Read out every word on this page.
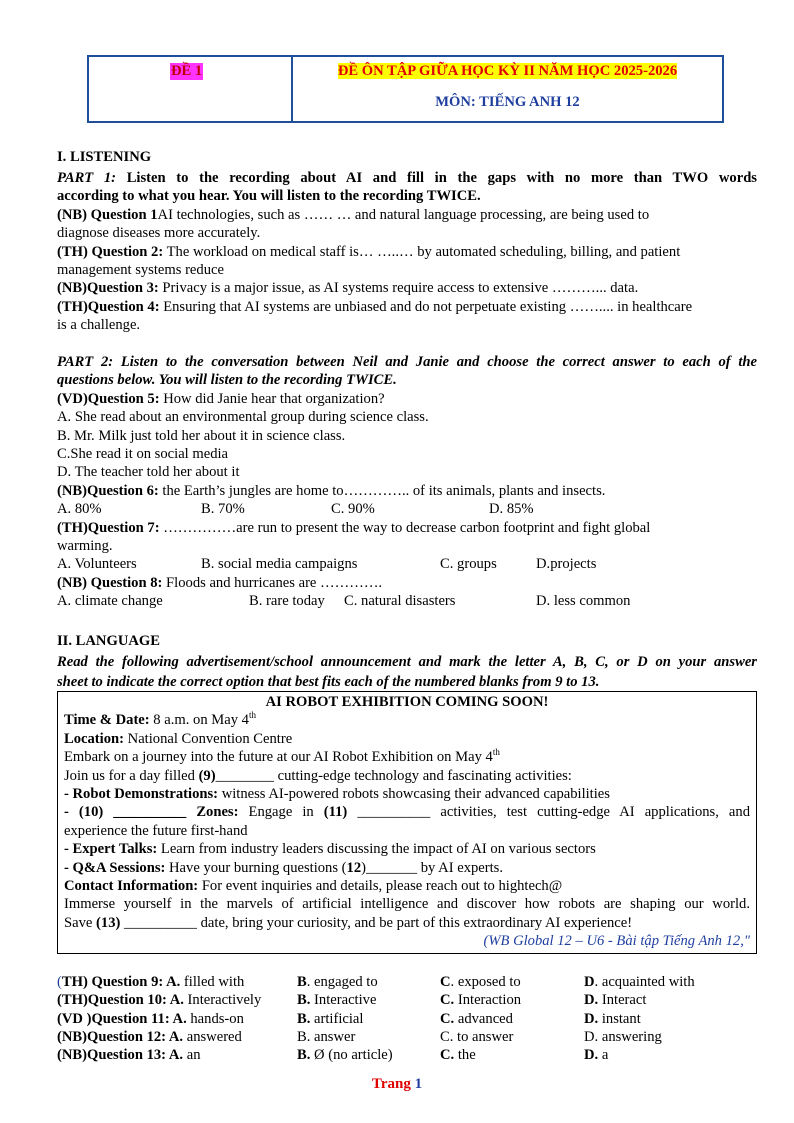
ĐỀ 1	ĐỀ ÔN TẬP GIỮA HỌC KỲ II NĂM HỌC 2025-2026
MÔN: TIẾNG ANH 12
I. LISTENING
PART 1: Listen to the recording about AI and fill in the gaps with no more than TWO words
according to what you hear. You will listen to the recording TWICE.
(NB) Question 1AI technologies, such as …… … and natural language processing, are being used to
diagnose diseases more accurately.
(TH) Question 2: The workload on medical staff is… …..… by automated scheduling, billing, and patient
management systems reduce
(NB)Question 3: Privacy is a major issue, as AI systems require access to extensive ………... data.
(TH)Question 4: Ensuring that AI systems are unbiased and do not perpetuate existing …….... in healthcare
is a challenge.
PART 2: Listen to the conversation between Neil and Janie and choose the correct answer to each of the
questions below. You will listen to the recording TWICE.
(VD)Question 5: How did Janie hear that organization?
A. She read about an environmental group during science class.
B. Mr. Milk just told her about it in science class.
C.She read it on social media
D. The teacher told her about it
(NB)Question 6: the Earth’s jungles are home to………….. of its animals, plants and insects.
A. 80%	B. 70%	C. 90%	D. 85%
(TH)Question 7: ……………are run to present the way to decrease carbon footprint and fight global
warming.
A. Volunteers	B. social media campaigns	C. groups	D.projects
(NB) Question 8: Floods and hurricanes are ………….
A. climate change	B. rare today C. natural disasters	D. less common
II. LANGUAGE
Read the following advertisement/school announcement and mark the letter A, B, C, or D on your answer
sheet to indicate the correct option that best fits each of the numbered blanks from 9 to 13.
AI ROBOT EXHIBITION COMING SOON!
Time & Date: 8 a.m. on May 4th
Location: National Convention Centre
Embark on a journey into the future at our AI Robot Exhibition on May 4th
Join us for a day filled (9)________ cutting-edge technology and fascinating activities:
- Robot Demonstrations: witness AI-powered robots showcasing their advanced capabilities
- (10) __________ Zones: Engage in (11) __________ activities, test cutting-edge AI applications, and
experience the future first-hand
- Expert Talks: Learn from industry leaders discussing the impact of AI on various sectors
- Q&A Sessions: Have your burning questions (12)_______ by AI experts.
Contact Information: For event inquiries and details, please reach out to hightech@
Immerse yourself in the marvels of artificial intelligence and discover how robots are shaping our world.
Save (13) __________ date, bring your curiosity, and be part of this extraordinary AI experience!
(WB Global 12 – U6 - Bài tập Tiếng Anh 12,"
(TH) Question 9: A. filled with	B. engaged to	C. exposed to	D. acquainted with
(TH)Question 10: A. Interactively B. Interactive	C. Interaction	D. Interact
(VD )Question 11: A. hands-on	B. artificial	C. advanced	D. instant
(NB)Question 12: A. answered	B. answer	C. to answer	D. answering
(NB)Question 13: A. an	B. Ø (no article)	C. the	D. a
Trang 1
